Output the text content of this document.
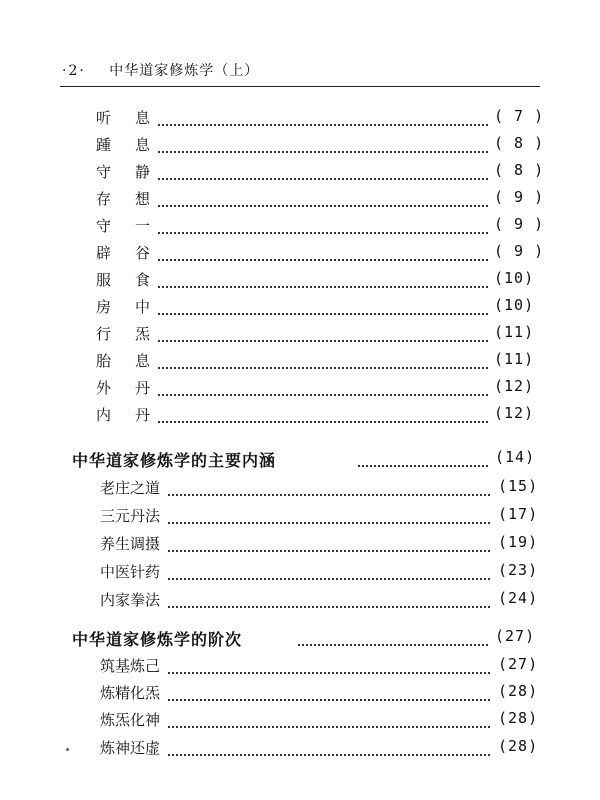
·2· 中华道家修炼学（上）
听息	( 7 )
踵息	( 8 )
守静	( 8 )
存想	( 9 )
守一	( 9 )
辟谷	( 9 )
服食	(10)
房中	(10)
行炁	(11)
胎息	(11)
外丹	(12)
内丹	(12)
中华道家修炼学的主要内涵	(14)
老庄之道	(15)
三元丹法	(17)
养生调摄	(19)
中医针药	(23)
内家拳法	(24)
中华道家修炼学的阶次	(27)
筑基炼己	(27)
炼精化炁	(28)
炼炁化神	(28)
炼神还虚	(28)
